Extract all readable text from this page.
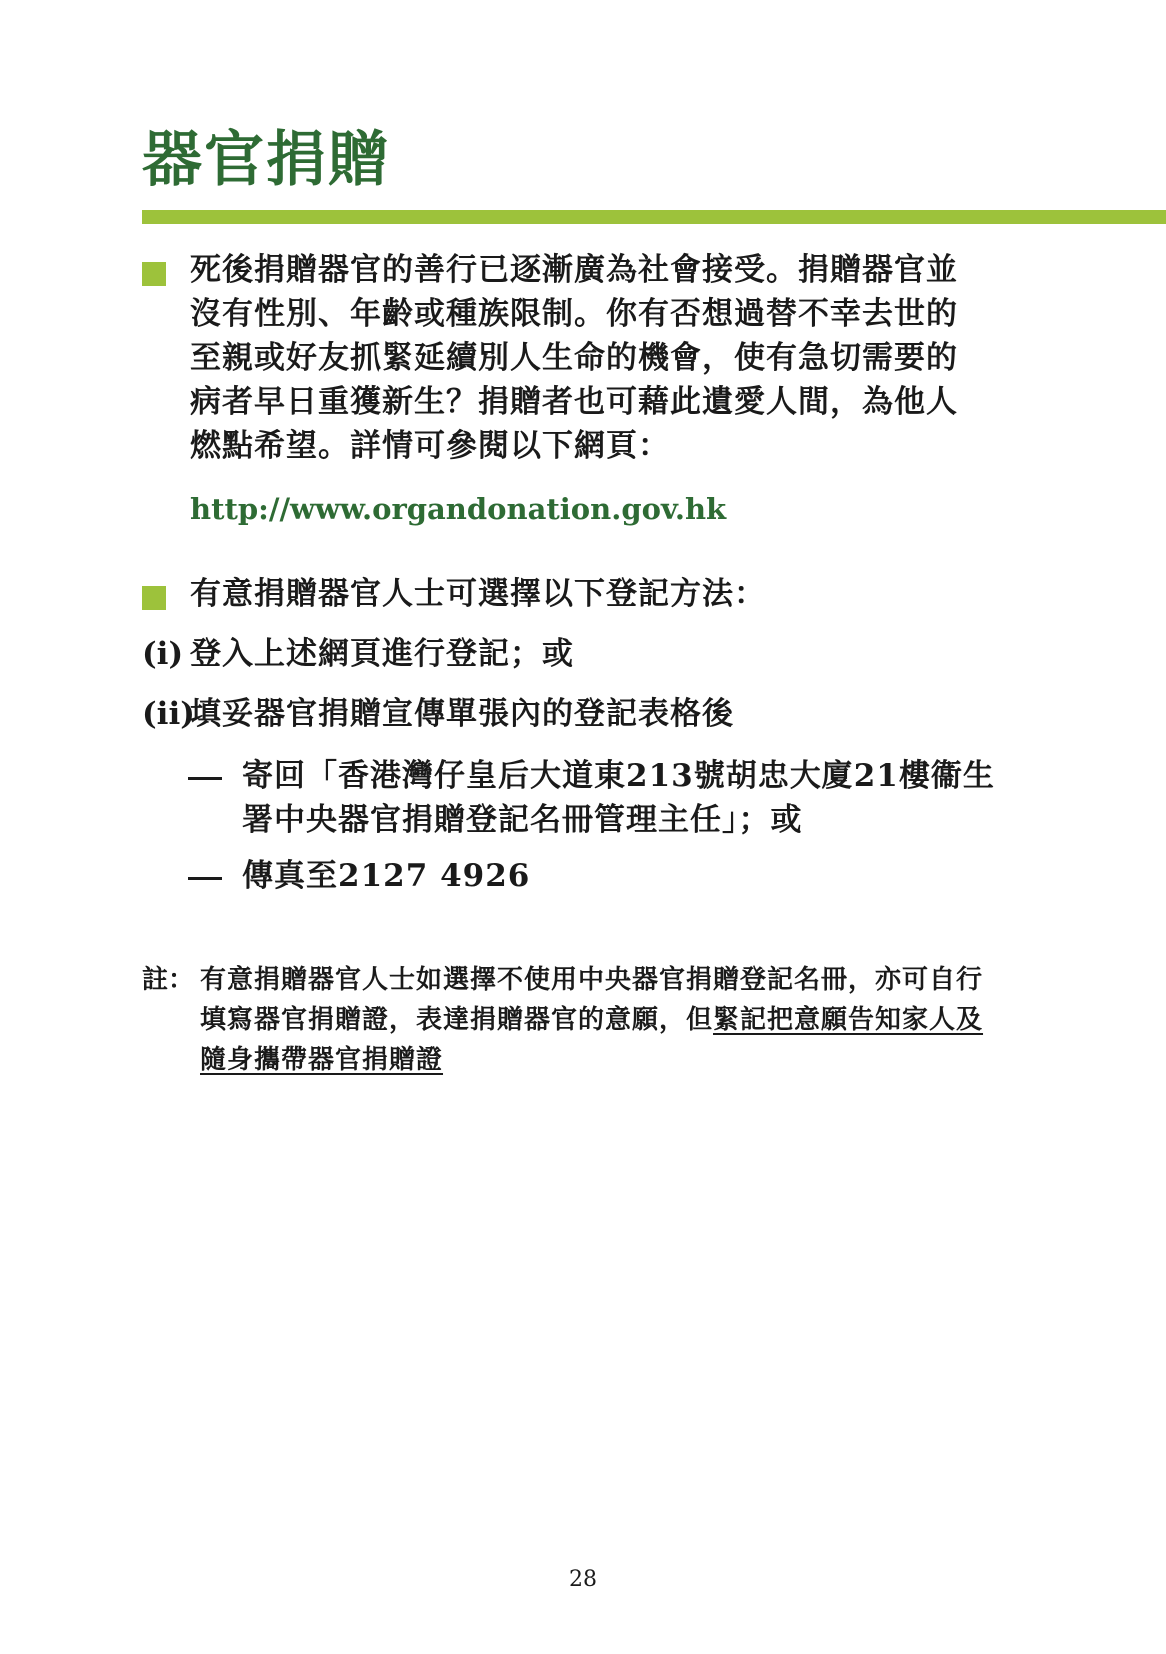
器官捐贈
死後捐贈器官的善行已逐漸廣為社會接受。捐贈器官並
沒有性別、年齡或種族限制。你有否想過替不幸去世的
至親或好友抓緊延續別人生命的機會，使有急切需要的
病者早日重獲新生？捐贈者也可藉此遺愛人間，為他人
燃點希望。詳情可參閱以下網頁：
http://www.organdonation.gov.hk
有意捐贈器官人士可選擇以下登記方法：
(i) 登入上述網頁進行登記；或
(ii)
填妥器官捐贈宣傳單張內的登記表格後
寄回「香港灣仔皇后大道東213號胡忠大廈21樓衞生
署中央器官捐贈登記名冊管理主任」；或
傳真至2127 4926
註： 有意捐贈器官人士如選擇不使用中央器官捐贈登記名冊，亦可自行
填寫器官捐贈證，表達捐贈器官的意願，但緊記把意願告知家人及
隨身攜帶器官捐贈證
28
